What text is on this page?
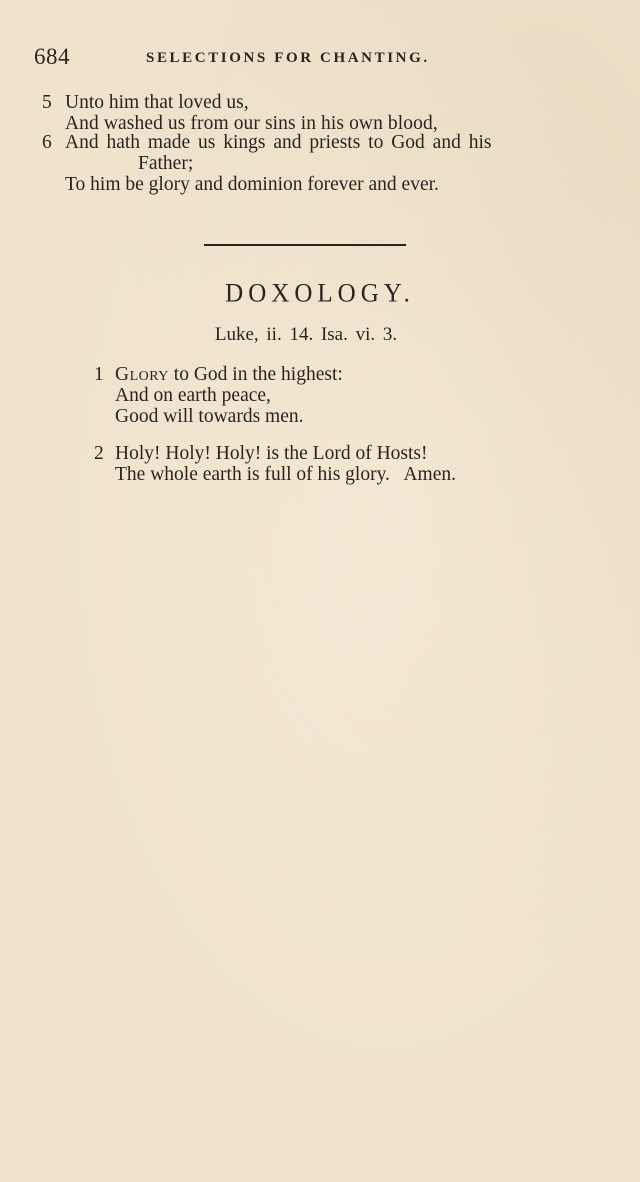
684	SELECTIONS FOR CHANTING.
5 Unto him that loved us,
And washed us from our sins in his own blood,
6 And hath made us kings and priests to God and his
Father;
To him be glory and dominion forever and ever.
DOXOLOGY.
Luke, ii. 14. Isa. vi. 3.
1 Glory to God in the highest:
And on earth peace,
Good will towards men.
2 Holy! Holy! Holy! is the Lord of Hosts!
The whole earth is full of his glory.   Amen.
